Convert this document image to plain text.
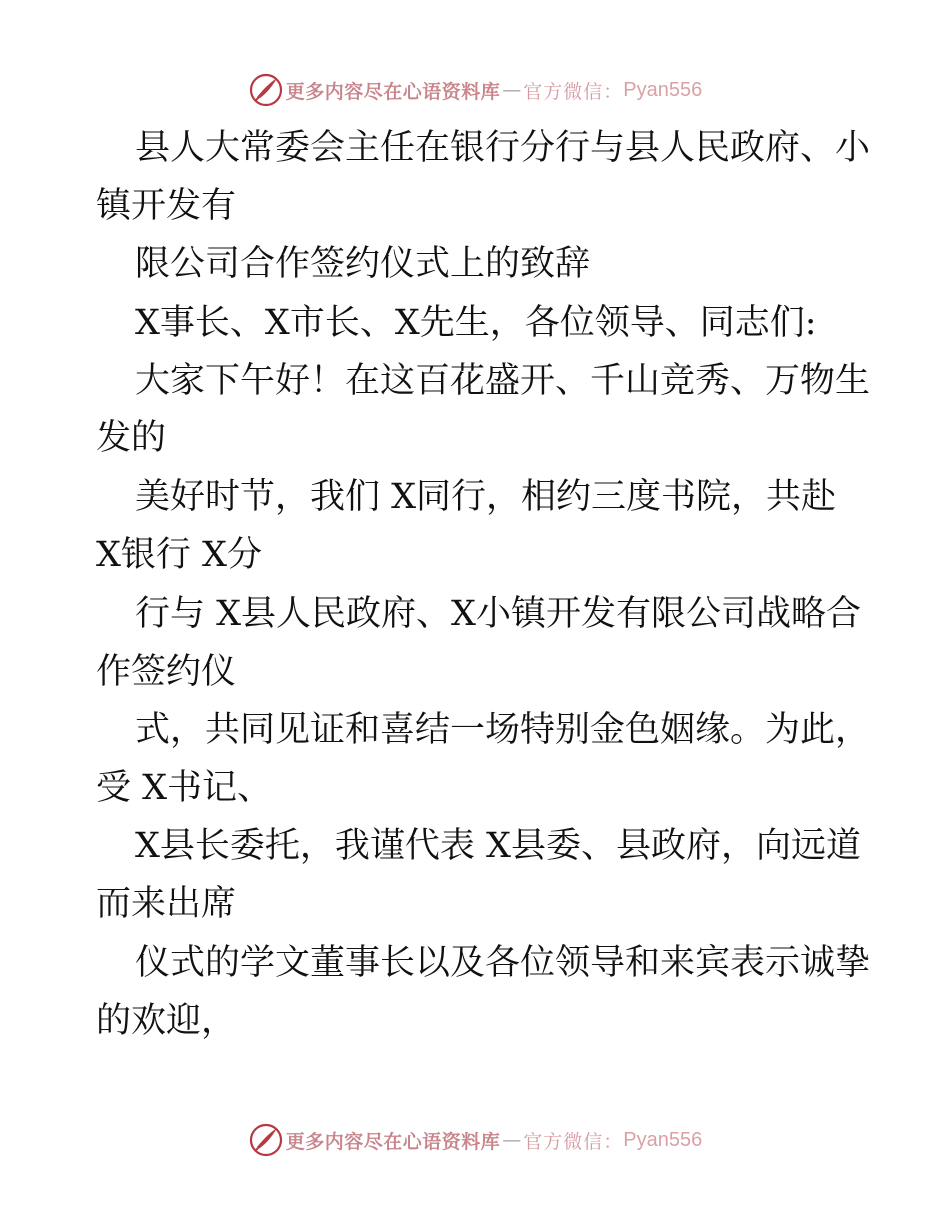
更多内容尽在心语资料库 — 官方微信： Pyan556
县人大常委会主任在银行分行与县人民政府、小
镇开发有
限公司合作签约仪式上的致辞
X事长、X市长、X先生，各位领导、同志们:
大家下午好！在这百花盛开、千山竞秀、万物生
发的
美好时节，我们 X同行，相约三度书院，共赴
X银行 X分
行与 X县人民政府、X小镇开发有限公司战略合
作签约仪
式，共同见证和喜结一场特别金色姻缘。为此，
受 X书记、
X县长委托，我谨代表 X县委、县政府，向远道
而来出席
仪式的学文董事长以及各位领导和来宾表示诚挚
的欢迎，
更多内容尽在心语资料库 — 官方微信： Pyan556
